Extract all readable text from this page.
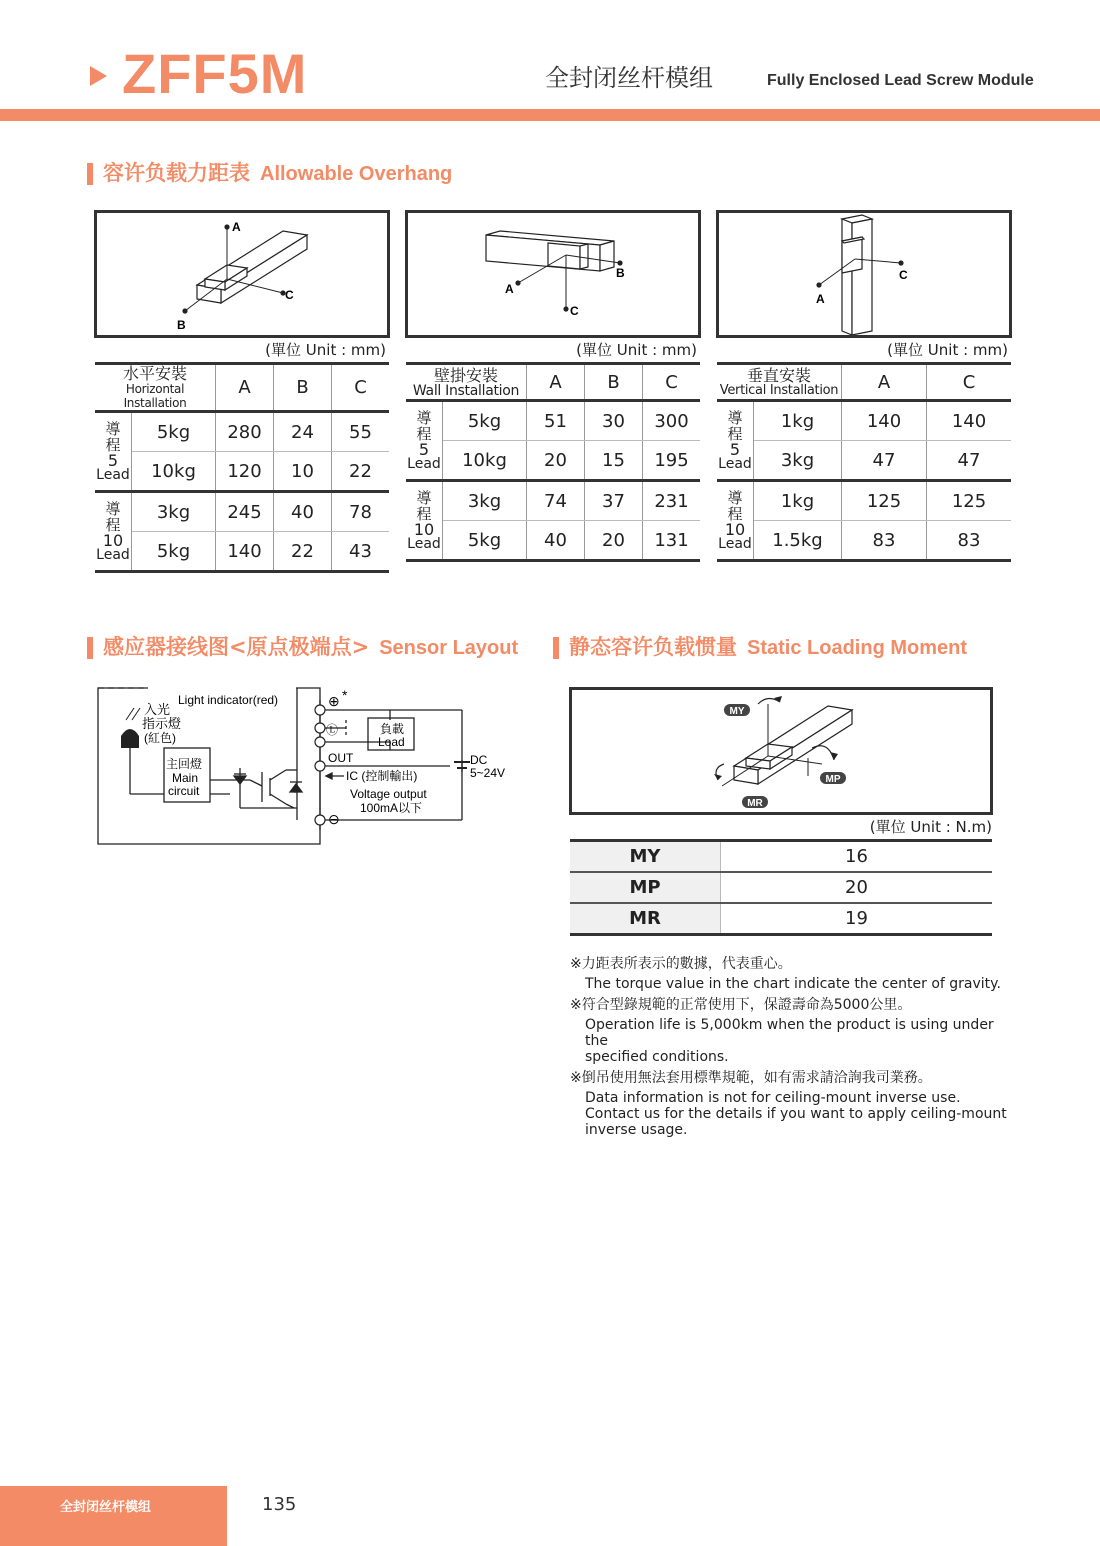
ZFF5M	全封闭丝杆模组	Fully Enclosed Lead Screw Module
容许负载力距表 Allowable Overhang
A
C
B
(單位 Unit : mm)
B
C
A
(單位 Unit : mm)
C
A
(單位 Unit : mm)
水平安裝
Horizontal Installation		A	B	C

導程
5
Lead	5kg	280	24	55
	10kg	120	10	22

導程
10
Lead	3kg	245	40	78
	5kg	140	22	43
壁掛安裝
Wall Installation		A	B	C

導程
5
Lead	5kg	51	30	300
	10kg	20	15	195

導程
10
Lead	3kg	74	37	231
	5kg	40	20	131
垂直安裝
Vertical Installation		A	C

導程
5
Lead	1kg	140	140
	3kg	47	47

導程
10
Lead	1kg	125	125
	1.5kg	83	83
感应器接线图<原点极端点> Sensor Layout
⊕ *
Light indicator(red)
入光
指示燈
(紅色)
主回燈
Main
circuit
Ⓛ	負載
Load
OUT
IC (控制輸出)
Voltage output
100mA以下
⊖
DC
5~24V
静态容许负载惯量 Static Loading Moment
MY
MP
MR
(單位 Unit : N.m)
MY	16
MP	20
MR	19
※力距表所表示的數據，代表重心。
The torque value in the chart indicate the center of gravity.
※符合型錄規範的正常使用下，保證壽命為5000公里。
Operation life is 5,000km when the product is using under the
specified conditions.
※倒吊使用無法套用標準規範，如有需求請洽詢我司業務。
Data information is not for ceiling-mount inverse use.
Contact us for the details if you want to apply ceiling-mount
inverse usage.
全封闭丝杆模组	135
